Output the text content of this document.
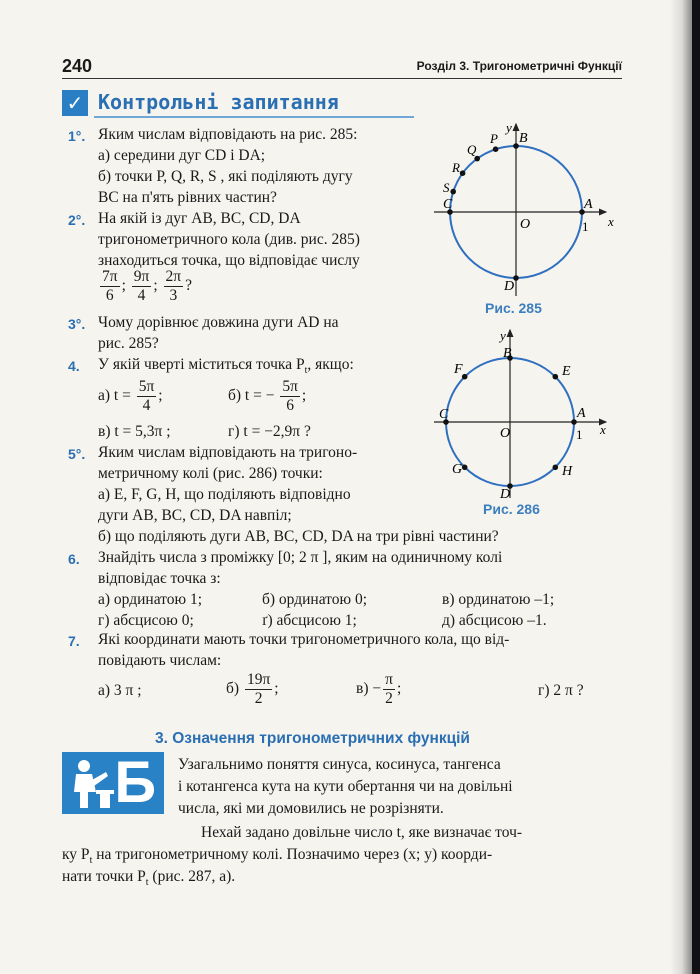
240	Розділ 3. Тригонометричні Функції
✓ Контрольні запитання
1°. Яким числам відповідають на рис. 285:
а) середини дуг CD і DA;
б) точки P, Q, R, S , які поділяють дугу
BC на п'ять рівних частин?
2°. На якій із дуг AB, BC, CD, DA
тригонометричного кола (див. рис. 285)
знаходиться точка, що відповідає числу
$\frac{7\pi}{6}$ ; $\frac{9\pi}{4}$ ; $\frac{2\pi}{3}$ ?
3°. Чому дорівнює довжина дуги AD на
рис. 285?
4. У якій чверті міститься точка $P_t$, якщо:
а) $t = \frac{5\pi}{4}$ ;	б) t = − $\frac{5\pi}{6}$ ;
в) t = 5,3π ;	г) t = −2,9π ?
5°. Яким числам відповідають на тригоно-
метричному колі (рис. 286) точки:
а) E, F, G, H, що поділяють відповідно
дуги AB, BC, CD, DA навпіл;
б) що поділяють дуги AB, BC, CD, DA на три рівні частини?
6. Знайдіть числа з проміжку [0; 2 π ], яким на одиничному колі
відповідає точка з:
а) ординатою 1;	б) ординатою 0;	в) ординатою –1;
г) абсцисою 0;	ґ) абсцисою 1;	д) абсцисою –1.
7. Які координати мають точки тригонометричного кола, що від-
повідають числам:
а) 3 π ;	$б) \frac{19\pi}{2}$ ;	$в) - \frac{\pi}{2}$ ;	г) 2 π ?
y
x
A
1
B
C
D
O
P
Q
R
S
Рис. 285
y
x
A
1
B
C
D
O
E
F
G	H
Рис. 286
3. Означення тригонометричних функцій
Б Узагальнимо поняття синуса, косинуса, тангенса
і котангенса кута на кути обертання чи на довільні
числа, які ми домовились не розрізняти.
Нехай задано довільне число t, яке визначає точ-
ку $P_t$ на тригонометричному колі. Позначимо через (x; y) коорди-
нати точки $P_t$ (рис. 287, а).
